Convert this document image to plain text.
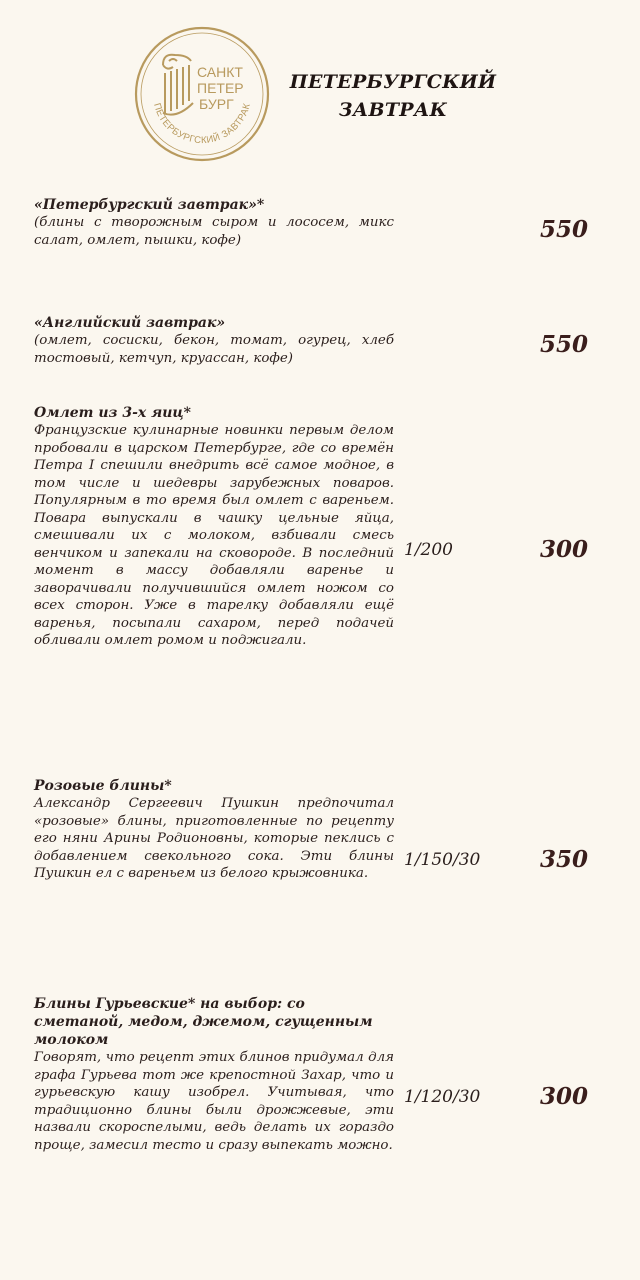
САНКТ
ПЕТЕР
БУРГ
ПЕТЕРБУРГСКИЙ ЗАВТРАК
ПЕТЕРБУРГСКИЙ
ЗАВТРАК
«Петербургский завтрак»*
(блины с творожным сыром и лососем, микс салат, омлет, пышки, кофе)	550
«Английский завтрак»
(омлет, сосиски, бекон, томат, огурец, хлеб тостовый, кетчуп, круассан, кофе)	550
Омлет из 3-х яиц*
Французские кулинарные новинки первым делом пробовали в царском Петербурге, где со времён Петра I спешили внедрить всё самое модное, в том числе и шедевры зарубежных поваров. Популярным в то время был омлет с вареньем. Повара выпускали в чашку цельные яйца, смешивали их с молоком, взбивали смесь венчиком и запекали на сковороде. В последний момент в массу добавляли варенье и заворачивали получившийся омлет ножом со всех сторон. Уже в тарелку добавляли ещё варенья, посыпали сахаром, перед подачей обливали омлет ромом и поджигали.
1/200	300
Розовые блины*
Александр Сергеевич Пушкин предпочитал «розовые» блины, приготовленные по рецепту его няни Арины Родионовны, которые пеклись с добавлением свекольного сока. Эти блины Пушкин ел с вареньем из белого крыжовника.
1/150/30	350
Блины Гурьевские* на выбор: со сметаной, медом, джемом, сгущенным молоком
Говорят, что рецепт этих блинов придумал для графа Гурьева тот же крепостной Захар, что и гурьевскую кашу изобрел. Учитывая, что традиционно блины были дрожжевые, эти назвали скороспелыми, ведь делать их гораздо проще, замесил тесто и сразу выпекать можно.
1/120/30	300
